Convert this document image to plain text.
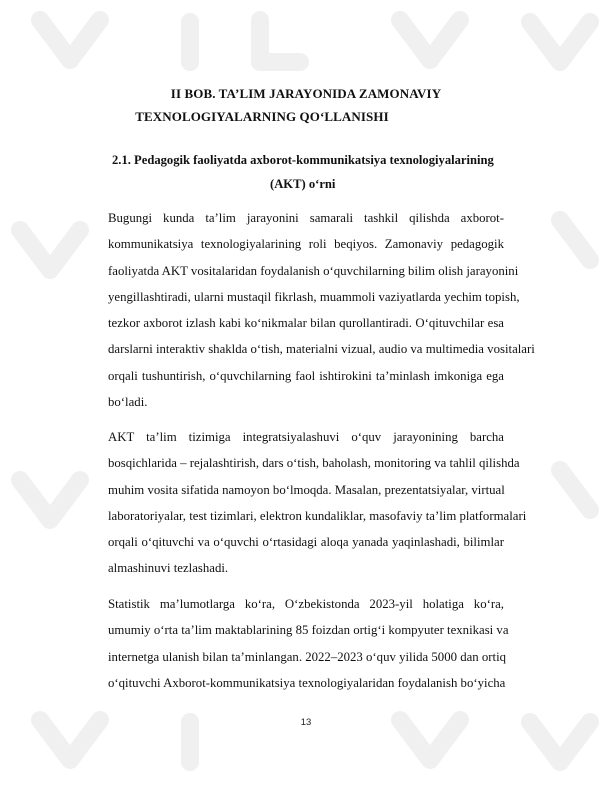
II BOB. TA’LIM JARAYONIDA ZAMONAVIY
TEXNOLOGIYALARNING QO‘LLANISHI
2.1. Pedagogik faoliyatda axborot-kommunikatsiya texnologiyalarining
(AKT) o‘rni
Bugungi kunda ta’lim jarayonini samarali tashkil qilishda axborot-
kommunikatsiya texnologiyalarining roli beqiyos. Zamonaviy pedagogik
faoliyatda AKT vositalaridan foydalanish o‘quvchilarning bilim olish jarayonini
yengillashtiradi, ularni mustaqil fikrlash, muammoli vaziyatlarda yechim topish,
tezkor axborot izlash kabi ko‘nikmalar bilan qurollantiradi. O‘qituvchilar esa
darslarni interaktiv shaklda o‘tish, materialni vizual, audio va multimedia vositalari
orqali tushuntirish, o‘quvchilarning faol ishtirokini ta’minlash imkoniga ega
bo‘ladi.
AKT ta’lim tizimiga integratsiyalashuvi o‘quv jarayonining barcha
bosqichlarida – rejalashtirish, dars o‘tish, baholash, monitoring va tahlil qilishda
muhim vosita sifatida namoyon bo‘lmoqda. Masalan, prezentatsiyalar, virtual
laboratoriyalar, test tizimlari, elektron kundaliklar, masofaviy ta’lim platformalari
orqali o‘qituvchi va o‘quvchi o‘rtasidagi aloqa yanada yaqinlashadi, bilimlar
almashinuvi tezlashadi.
Statistik ma’lumotlarga ko‘ra, O‘zbekistonda 2023-yil holatiga ko‘ra,
umumiy o‘rta ta’lim maktablarining 85 foizdan ortig‘i kompyuter texnikasi va
internetga ulanish bilan ta’minlangan. 2022–2023 o‘quv yilida 5000 dan ortiq
o‘qituvchi Axborot-kommunikatsiya texnologiyalaridan foydalanish bo‘yicha
13
